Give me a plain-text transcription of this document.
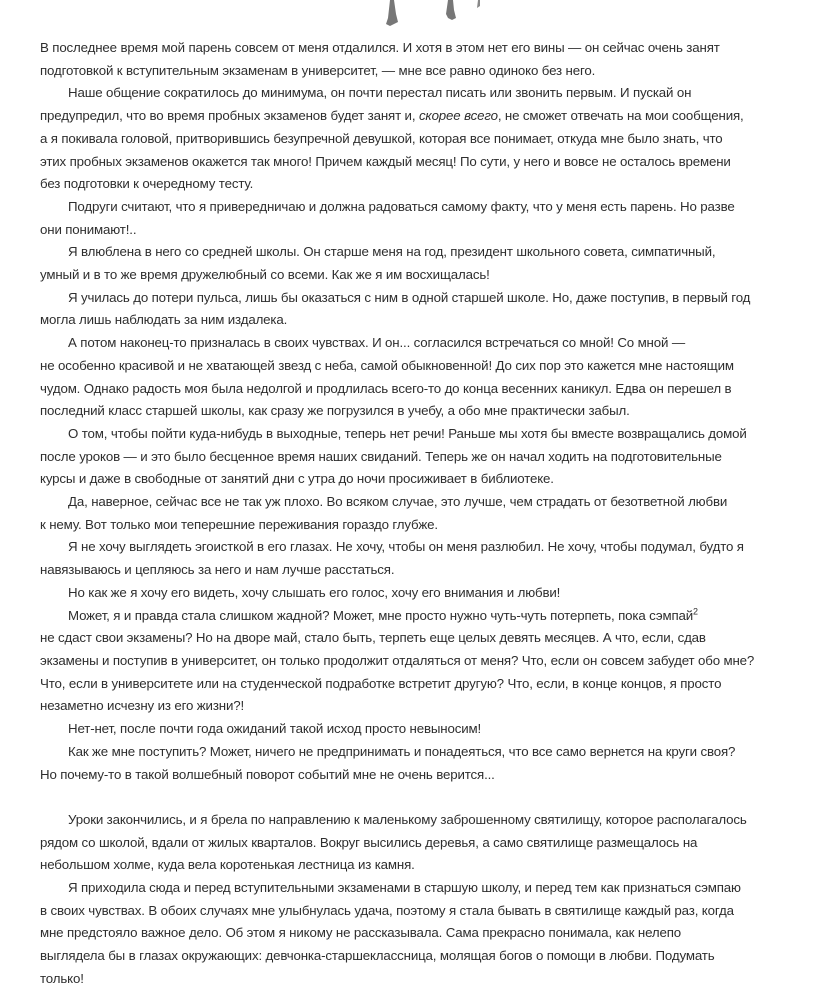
В последнее время мой парень совсем от меня отдалился. И хотя в этом нет его вины — он сейчас очень занят
подготовкой к вступительным экзаменам в университет, — мне все равно одиноко без него.

Наше общение сократилось до минимума, он почти перестал писать или звонить первым. И пускай он
предупредил, что во время пробных экзаменов будет занят и, скорее всего, не сможет отвечать на мои сообщения,
а я покивала головой, притворившись безупречной девушкой, которая все понимает, откуда мне было знать, что
этих пробных экзаменов окажется так много! Причем каждый месяц! По сути, у него и вовсе не осталось времени
без подготовки к очередному тесту.

Подруги считают, что я привередничаю и должна радоваться самому факту, что у меня есть парень. Но разве
они понимают!..

Я влюблена в него со средней школы. Он старше меня на год, президент школьного совета, симпатичный,
умный и в то же время дружелюбный со всеми. Как же я им восхищалась!

Я училась до потери пульса, лишь бы оказаться с ним в одной старшей школе. Но, даже поступив, в первый год
могла лишь наблюдать за ним издалека.

А потом наконец-то призналась в своих чувствах. И он... согласился встречаться со мной! Со мной —
не особенно красивой и не хватающей звезд с неба, самой обыкновенной! До сих пор это кажется мне настоящим
чудом. Однако радость моя была недолгой и продлилась всего-то до конца весенних каникул. Едва он перешел в
последний класс старшей школы, как сразу же погрузился в учебу, а обо мне практически забыл.

О том, чтобы пойти куда-нибудь в выходные, теперь нет речи! Раньше мы хотя бы вместе возвращались домой
после уроков — и это было бесценное время наших свиданий. Теперь же он начал ходить на подготовительные
курсы и даже в свободные от занятий дни с утра до ночи просиживает в библиотеке.

Да, наверное, сейчас все не так уж плохо. Во всяком случае, это лучше, чем страдать от безответной любви
к нему. Вот только мои теперешние переживания гораздо глубже.

Я не хочу выглядеть эгоисткой в его глазах. Не хочу, чтобы он меня разлюбил. Не хочу, чтобы подумал, будто я
навязываюсь и цепляюсь за него и нам лучше расстаться.

Но как же я хочу его видеть, хочу слышать его голос, хочу его внимания и любви!

Может, я и правда стала слишком жадной? Может, мне просто нужно чуть-чуть потерпеть, пока сэмпай$^2$
не сдаст свои экзамены? Но на дворе май, стало быть, терпеть еще целых девять месяцев. А что, если, сдав
экзамены и поступив в университет, он только продолжит отдаляться от меня? Что, если он совсем забудет обо мне?
Что, если в университете или на студенческой подработке встретит другую? Что, если, в конце концов, я просто
незаметно исчезну из его жизни?!

Нет-нет, после почти года ожиданий такой исход просто невыносим!

Как же мне поступить? Может, ничего не предпринимать и понадеяться, что все само вернется на круги своя?
Но почему-то в такой волшебный поворот событий мне не очень верится...

Уроки закончились, и я брела по направлению к маленькому заброшенному святилищу, которое располагалось
рядом со школой, вдали от жилых кварталов. Вокруг высились деревья, а само святилище размещалось на
небольшом холме, куда вела коротенькая лестница из камня.

Я приходила сюда и перед вступительными экзаменами в старшую школу, и перед тем как признаться сэмпаю
в своих чувствах. В обоих случаях мне улыбнулась удача, поэтому я стала бывать в святилище каждый раз, когда
мне предстояло важное дело. Об этом я никому не рассказывала. Сама прекрасно понимала, как нелепо
выглядела бы в глазах окружающих: девчонка-старшеклассница, молящая богов о помощи в любви. Подумать
только!
